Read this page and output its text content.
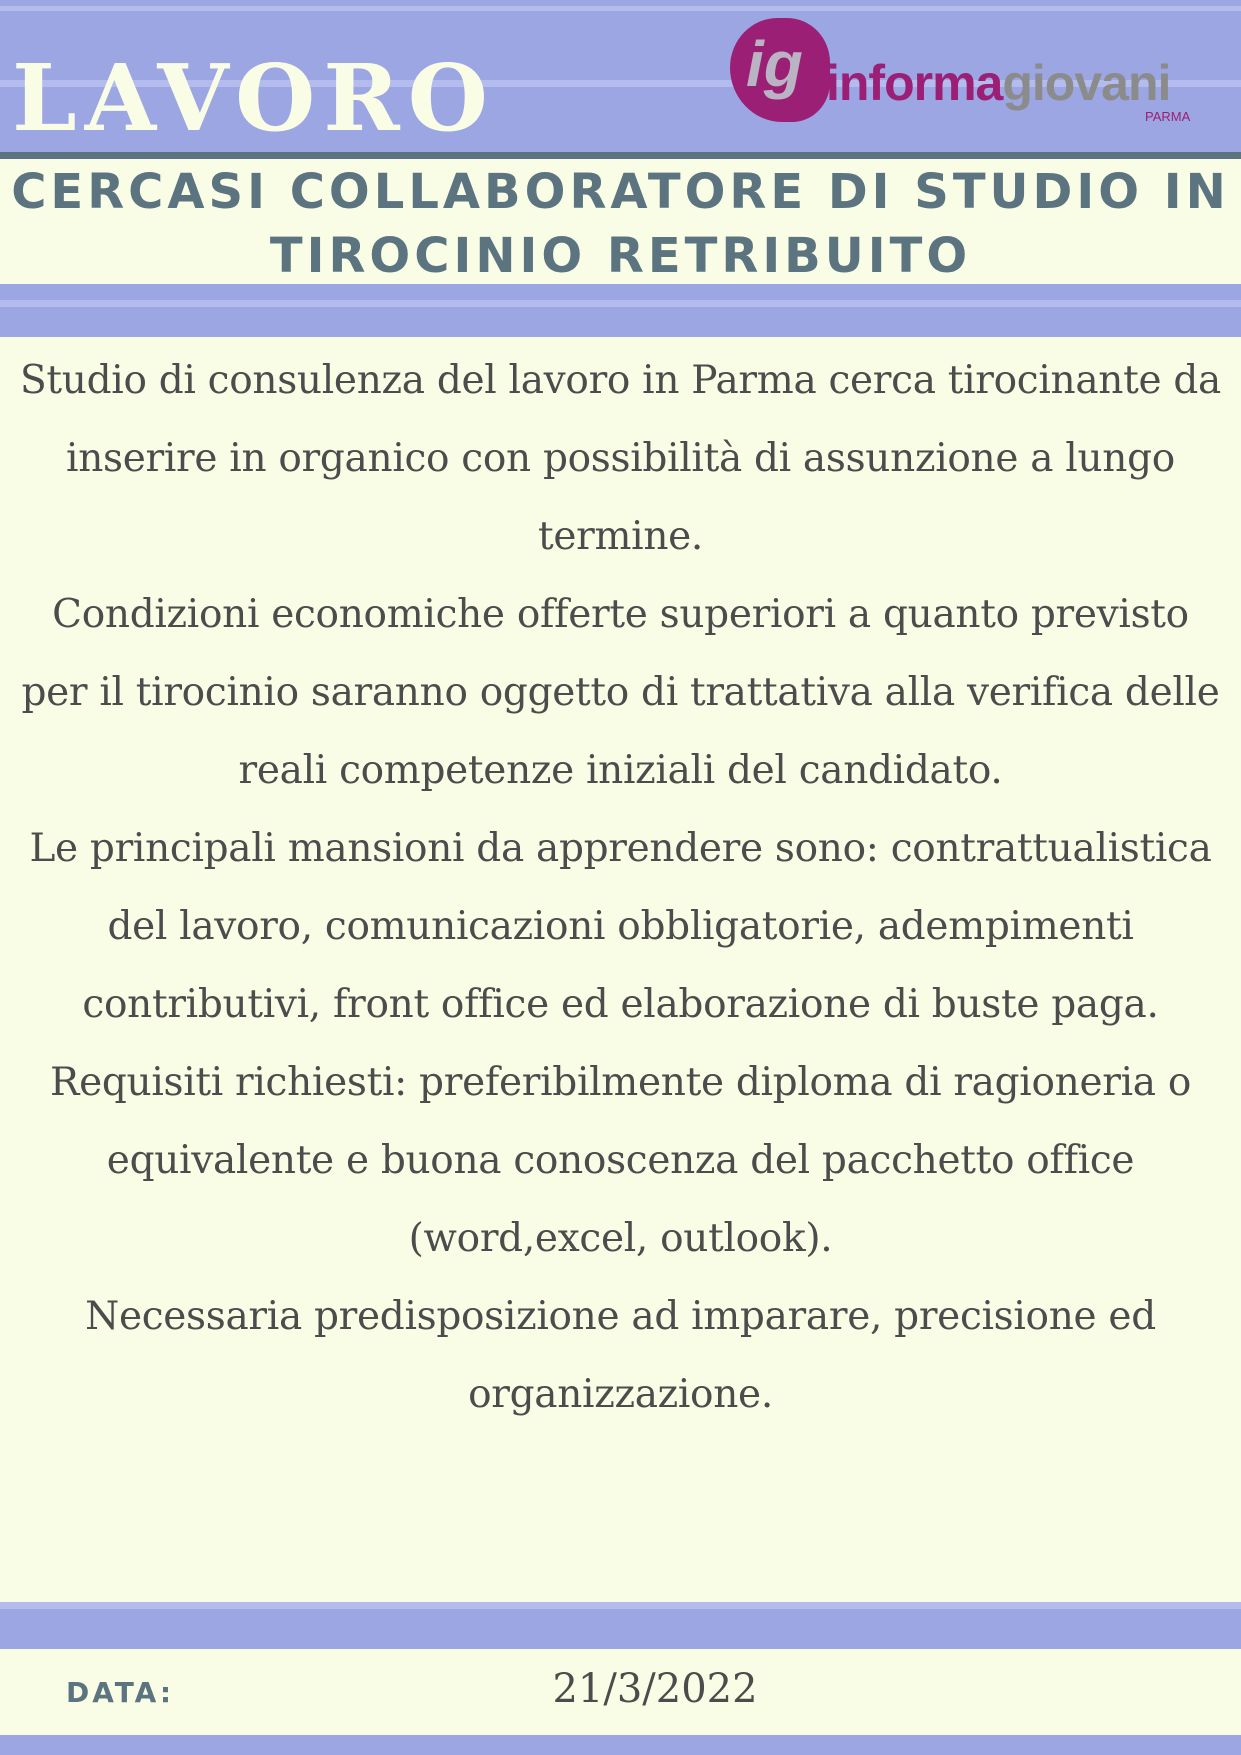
LAVORO	ig informagiovani
PARMA
CERCASI COLLABORATORE DI STUDIO IN TIROCINIO RETRIBUITO

Studio di consulenza del lavoro in Parma cerca tirocinante da inserire in organico con possibilità di assunzione a lungo termine.

Condizioni economiche offerte superiori a quanto previsto per il tirocinio saranno oggetto di trattativa alla verifica delle reali competenze iniziali del candidato.

Le principali mansioni da apprendere sono: contrattualistica del lavoro, comunicazioni obbligatorie, adempimenti contributivi, front office ed elaborazione di buste paga.

Requisiti richiesti: preferibilmente diploma di ragioneria o equivalente e buona conoscenza del pacchetto office (word,excel, outlook).

Necessaria predisposizione ad imparare, precisione ed organizzazione.

DATA:	21/3/2022
